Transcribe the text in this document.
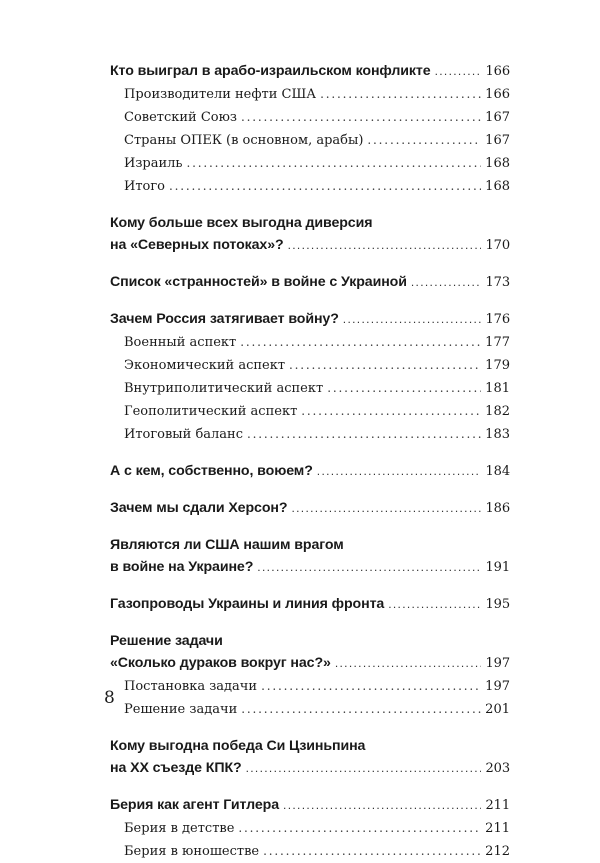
Кто выиграл в арабо-израильском конфликте . . .	166
Производители нефти США . . .	166
Советский Союз . . .	167
Страны ОПЕК (в основном, арабы) . . .	167
Израиль . . .	168
Итого . . .	168
Кому больше всех выгодна диверсия
на «Северных потоках»? . . .	170
Список «странностей» в войне с Украиной . . .	173
Зачем Россия затягивает войну? . . .	176
Военный аспект . . .	177
Экономический аспект . . .	179
Внутриполитический аспект . . .	181
Геополитический аспект . . .	182
Итоговый баланс . . .	183
А с кем, собственно, воюем? . . .	184
Зачем мы сдали Херсон? . . .	186
Являются ли США нашим врагом
в войне на Украине? . . .	191
Газопроводы Украины и линия фронта . . .	195
Решение задачи
«Сколько дураков вокруг нас?» . . .	197
Постановка задачи . . .	197
Решение задачи . . .	201
Кому выгодна победа Си Цзиньпина
на XX съезде КПК? . . .	203
Берия как агент Гитлера . . .	211
Берия в детстве . . .	211
Берия в юношестве . . .	212
8
